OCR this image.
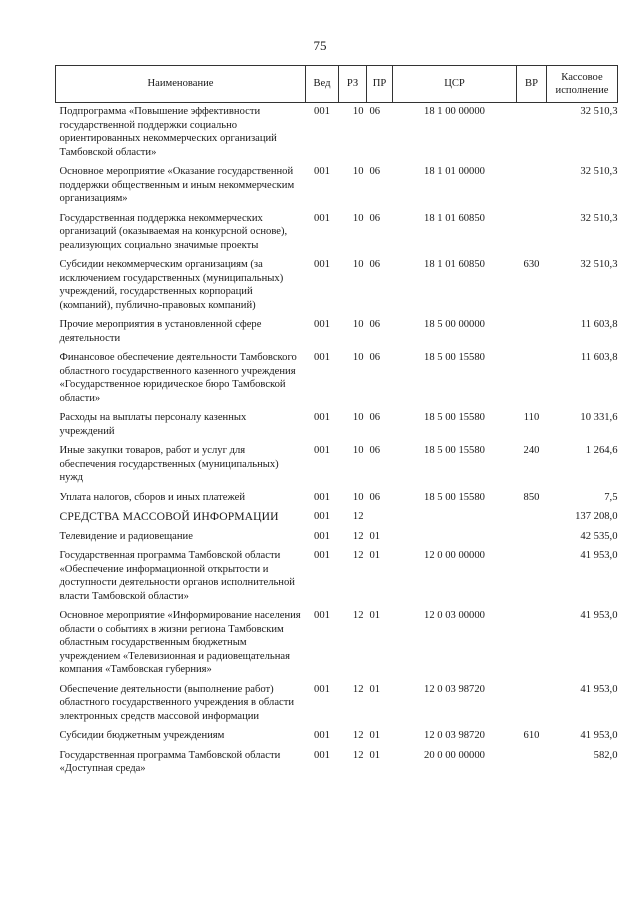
75
Наименование	Вед	РЗ	ПР	ЦСР	ВР	Кассовое исполнение
Подпрограмма «Повышение эффективности государственной поддержки социально ориентированных некоммерческих организаций Тамбовской области»	001	10	06	18 1 00 00000		32 510,3
Основное мероприятие «Оказание государственной поддержки общественным и иным некоммерческим организациям»	001	10	06	18 1 01 00000		32 510,3
Государственная поддержка некоммерческих организаций (оказываемая на конкурсной основе), реализующих социально значимые проекты	001	10	06	18 1 01 60850		32 510,3
Субсидии некоммерческим организациям (за исключением государственных (муниципальных) учреждений, государственных корпораций (компаний), публично-правовых компаний)	001	10	06	18 1 01 60850	630	32 510,3
Прочие мероприятия в установленной сфере деятельности	001	10	06	18 5 00 00000		11 603,8
Финансовое обеспечение деятельности Тамбовского областного государственного казенного учреждения «Государственное юридическое бюро Тамбовской области»	001	10	06	18 5 00 15580		11 603,8
Расходы на выплаты персоналу казенных учреждений	001	10	06	18 5 00 15580	110	10 331,6
Иные закупки товаров, работ и услуг для обеспечения государственных (муниципальных) нужд	001	10	06	18 5 00 15580	240	1 264,6
Уплата налогов, сборов и иных платежей	001	10	06	18 5 00 15580	850	7,5
СРЕДСТВА МАССОВОЙ ИНФОРМАЦИИ	001	12				137 208,0
Телевидение и радиовещание	001	12	01			42 535,0
Государственная программа Тамбовской области «Обеспечение информационной открытости и доступности деятельности органов исполнительной власти Тамбовской области»	001	12	01	12 0 00 00000		41 953,0
Основное мероприятие «Информирование населения области о событиях в жизни региона Тамбовским областным государственным бюджетным учреждением «Телевизионная и радиовещательная компания «Тамбовская губерния»	001	12	01	12 0 03 00000		41 953,0
Обеспечение деятельности (выполнение работ) областного государственного учреждения в области электронных средств массовой информации	001	12	01	12 0 03 98720		41 953,0
Субсидии бюджетным учреждениям	001	12	01	12 0 03 98720	610	41 953,0
Государственная программа Тамбовской области «Доступная среда»	001	12	01	20 0 00 00000		582,0
